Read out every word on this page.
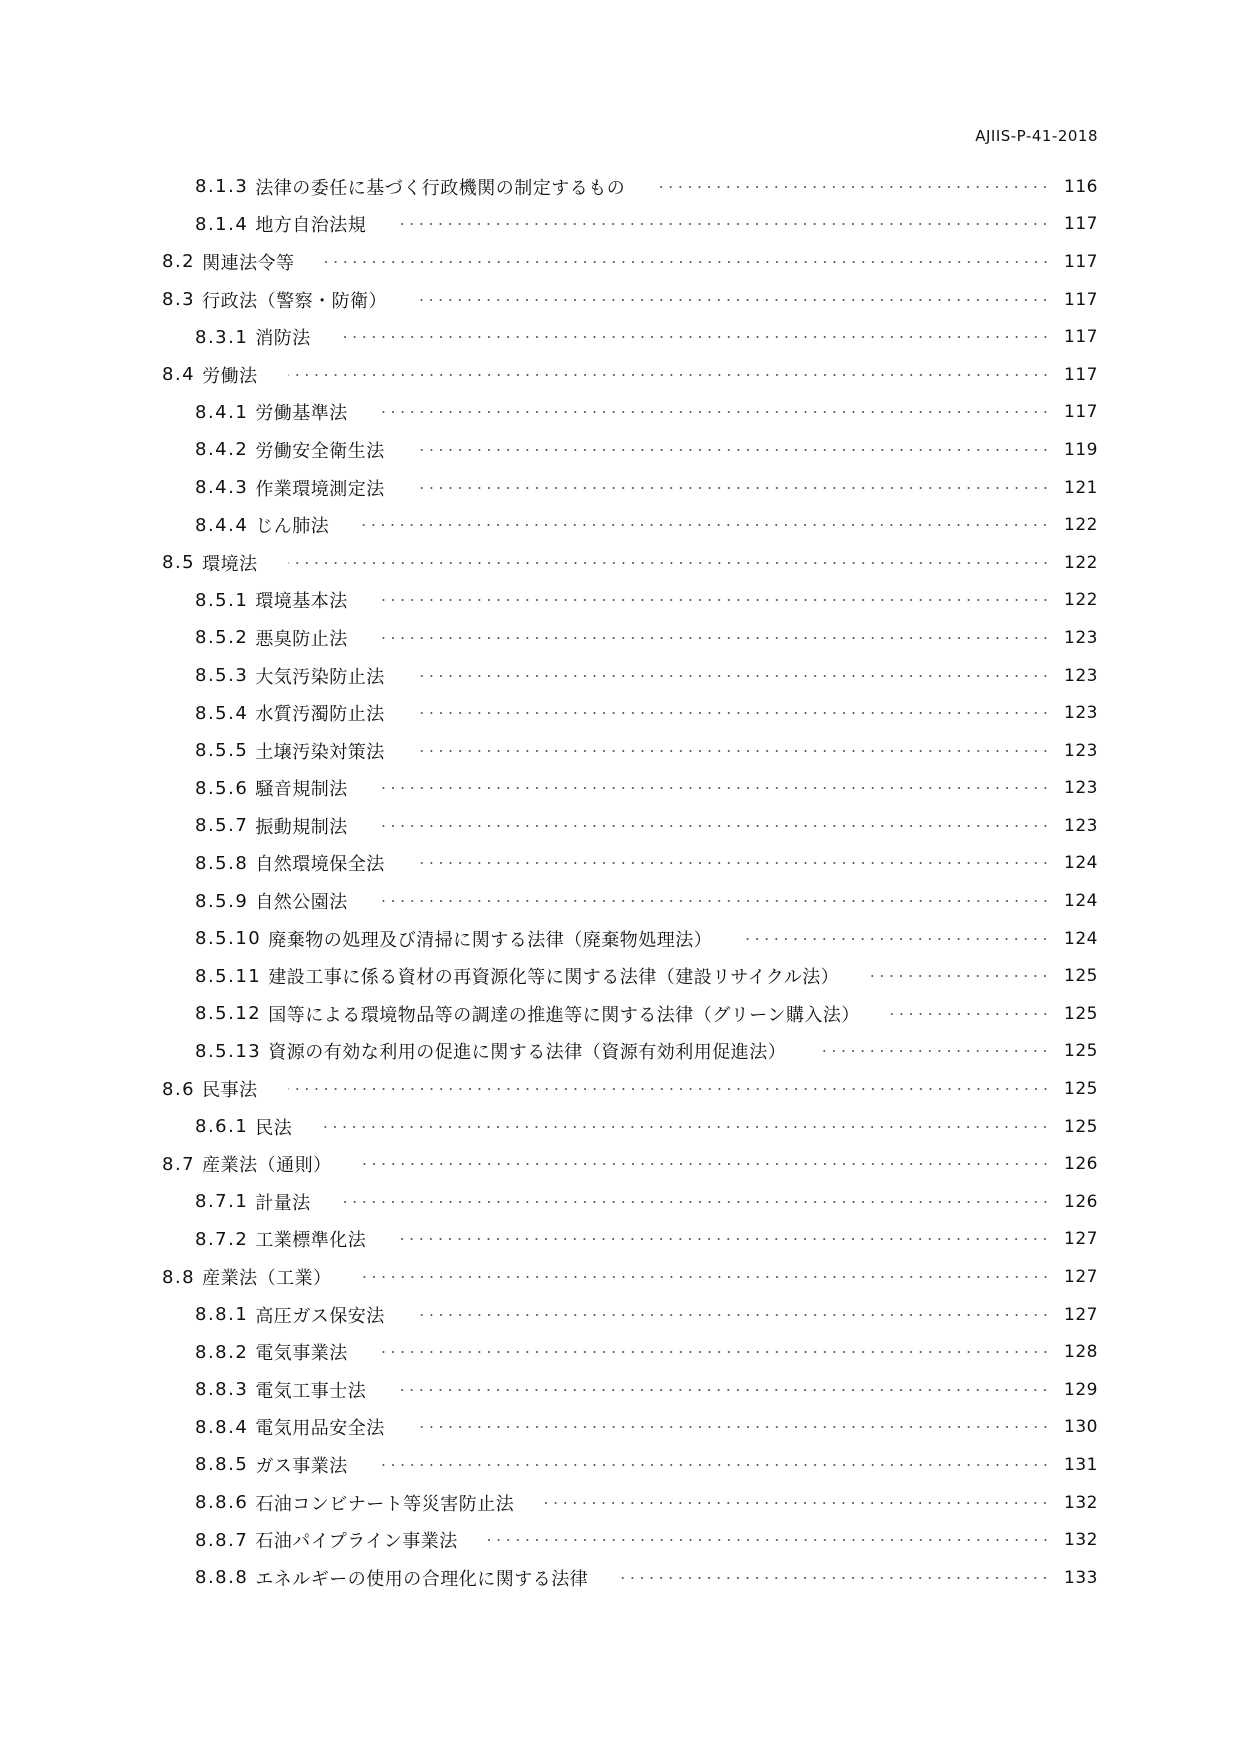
AJIIS-P-41-2018
8.1.3 法律の委任に基づく行政機関の制定するもの	116
8.1.4 地方自治法規	117
8.2 関連法令等	117
8.3 行政法（警察・防衛）	117
8.3.1 消防法	117
8.4 労働法	117
8.4.1 労働基準法	117
8.4.2 労働安全衛生法	119
8.4.3 作業環境測定法	121
8.4.4 じん肺法	122
8.5 環境法	122
8.5.1 環境基本法	122
8.5.2 悪臭防止法	123
8.5.3 大気汚染防止法	123
8.5.4 水質汚濁防止法	123
8.5.5 土壌汚染対策法	123
8.5.6 騒音規制法	123
8.5.7 振動規制法	123
8.5.8 自然環境保全法	124
8.5.9 自然公園法	124
8.5.10 廃棄物の処理及び清掃に関する法律（廃棄物処理法）	124
8.5.11 建設工事に係る資材の再資源化等に関する法律（建設リサイクル法）	125
8.5.12 国等による環境物品等の調達の推進等に関する法律（グリーン購入法）	125
8.5.13 資源の有効な利用の促進に関する法律（資源有効利用促進法）	125
8.6 民事法	125
8.6.1 民法	125
8.7 産業法（通則）	126
8.7.1 計量法	126
8.7.2 工業標準化法	127
8.8 産業法（工業）	127
8.8.1 高圧ガス保安法	127
8.8.2 電気事業法	128
8.8.3 電気工事士法	129
8.8.4 電気用品安全法	130
8.8.5 ガス事業法	131
8.8.6 石油コンビナート等災害防止法	132
8.8.7 石油パイプライン事業法	132
8.8.8 エネルギーの使用の合理化に関する法律	133
